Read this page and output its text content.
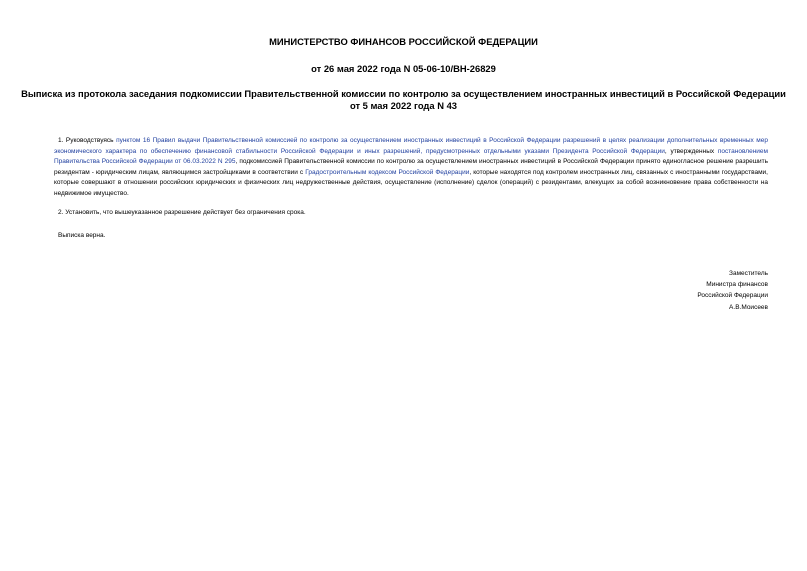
МИНИСТЕРСТВО ФИНАНСОВ РОССИЙСКОЙ ФЕДЕРАЦИИ

от 26 мая 2022 года N 05-06-10/ВН-26829

Выписка из протокола заседания подкомиссии Правительственной комиссии по контролю за осуществлением иностранных инвестиций в Российской Федерации
от 5 мая 2022 года N 43

1. Руководствуясь пунктом 16 Правил выдачи Правительственной комиссией по контролю за осуществлением иностранных инвестиций в Российской Федерации разрешений в целях реализации дополнительных временных мер экономического характера по обеспечению финансовой стабильности Российской Федерации и иных разрешений, предусмотренных отдельными указами Президента Российской Федерации, утвержденных постановлением Правительства Российской Федерации от 06.03.2022 N 295, подкомиссией Правительственной комиссии по контролю за осуществлением иностранных инвестиций в Российской Федерации принято единогласное решение разрешить резидентам - юридическим лицам, являющимся застройщиками в соответствии с Градостроительным кодексом Российской Федерации, которые находятся под контролем иностранных лиц, связанных с иностранными государствами, которые совершают в отношении российских юридических и физических лиц недружественные действия, осуществление (исполнение) сделок (операций) с резидентами, влекущих за собой возникновение права собственности на недвижимое имущество.

2. Установить, что вышеуказанное разрешение действует без ограничения срока.

Выписка верна.

Заместитель
Министра финансов
Российской Федерации
А.В.Моисеев
